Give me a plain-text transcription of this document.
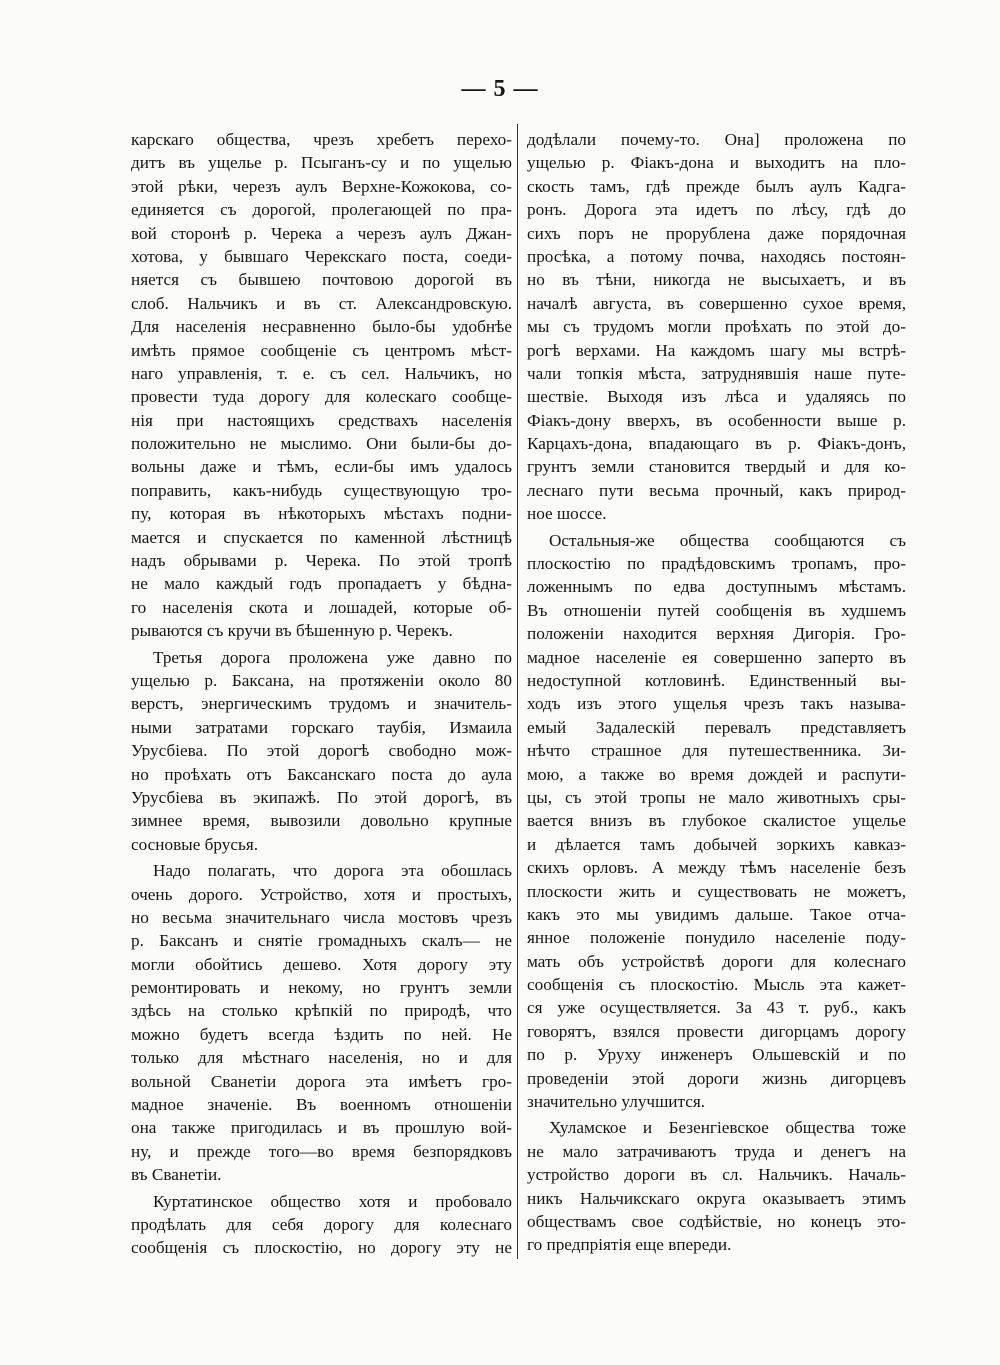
— 5 —
карскаго общества, чрезъ хребетъ перехо-
дитъ въ ущелье р. Псыганъ-су и по ущелью
этой рѣки, черезъ аулъ Верхне-Кожокова, со-
единяется съ дорогой, пролегающей по пра-
вой сторонѣ р. Черека а черезъ аулъ Джан-
хотова, у бывшаго Черекскаго поста, соеди-
няется съ бывшею почтовою дорогой въ
слоб. Нальчикъ и въ ст. Александровскую.
Для населенія несравненно было-бы удобнѣе
имѣть прямое сообщеніе съ центромъ мѣст-
наго управленія, т. е. съ сел. Нальчикъ, но
провести туда дорогу для колескаго сообще-
нія при настоящихъ средствахъ населенія
положительно не мыслимо. Они были-бы до-
вольны даже и тѣмъ, если-бы имъ удалось
поправить, какъ-нибудь существующую тро-
пу, которая въ нѣкоторыхъ мѣстахъ подни-
мается и спускается по каменной лѣстницѣ
надъ обрывами р. Черека. По этой тропѣ
не мало каждый годъ пропадаетъ у бѣдна-
го населенія скота и лошадей, которые об-
рываются съ кручи въ бѣшенную р. Черекъ.
Третья дорога проложена уже давно по
ущелью р. Баксана, на протяженіи около 80
верстъ, энергическимъ трудомъ и значитель-
ными затратами горскаго таубія, Измаила
Урусбіева. По этой дорогѣ свободно мож-
но проѣхать отъ Баксанскаго поста до аула
Урусбіева въ экипажѣ. По этой дорогѣ, въ
зимнее время, вывозили довольно крупные
сосновые брусья.
Надо полагать, что дорога эта обошлась
очень дорого. Устройство, хотя и простыхъ,
но весьма значительнаго числа мостовъ чрезъ
р. Баксанъ и снятіе громадныхъ скалъ— не
могли обойтись дешево. Хотя дорогу эту
ремонтировать и некому, но грунтъ земли
здѣсь на столько крѣпкій по природѣ, что
можно будетъ всегда ѣздить по ней. Не
только для мѣстнаго населенія, но и для
вольной Сванетіи дорога эта имѣетъ гро-
мадное значеніе. Въ военномъ отношеніи
она также пригодилась и въ прошлую вой-
ну, и прежде того—во время безпорядковъ
въ Сванетіи.
Куртатинское общество хотя и пробовало
продѣлать для себя дорогу для колеснаго
сообщенія съ плоскостію, но дорогу эту не
додѣлали почему-то. Она] проложена по
ущелью р. Фіакъ-дона и выходитъ на пло-
скость тамъ, гдѣ прежде былъ аулъ Кадга-
ронъ. Дорога эта идетъ по лѣсу, гдѣ до
сихъ поръ не прорублена даже порядочная
просѣка, а потому почва, находясь постоян-
но въ тѣни, никогда не высыхаетъ, и въ
началѣ августа, въ совершенно сухое время,
мы съ трудомъ могли проѣхать по этой до-
рогѣ верхами. На каждомъ шагу мы встрѣ-
чали топкія мѣста, затруднявшія наше путе-
шествіе. Выходя изъ лѣса и удаляясь по
Фіакъ-дону вверхъ, въ особенности выше р.
Карцахъ-дона, впадающаго въ р. Фіакъ-донъ,
грунтъ земли становится твердый и для ко-
леснаго пути весьма прочный, какъ природ-
ное шоссе.
Остальныя-же общества сообщаются съ
плоскостію по прадѣдовскимъ тропамъ, про-
ложеннымъ по едва доступнымъ мѣстамъ.
Въ отношеніи путей сообщенія въ худшемъ
положеніи находится верхняя Дигорія. Гро-
мадное населеніе ея совершенно заперто въ
недоступной котловинѣ. Единственный вы-
ходъ изъ этого ущелья чрезъ такъ называ-
емый Задалескій перевалъ представляетъ
нѣчто страшное для путешественника. Зи-
мою, а также во время дождей и распути-
цы, съ этой тропы не мало животныхъ сры-
вается внизъ въ глубокое скалистое ущелье
и дѣлается тамъ добычей зоркихъ кавказ-
скихъ орловъ. А между тѣмъ населеніе безъ
плоскости жить и существовать не можетъ,
какъ это мы увидимъ дальше. Такое отча-
янное положеніе понудило населеніе поду-
мать объ устройствѣ дороги для колеснаго
сообщенія съ плоскостію. Мысль эта кажет-
ся уже осуществляется. За 43 т. руб., какъ
говорятъ, взялся провести дигорцамъ дорогу
по р. Уруху инженеръ Ольшевскій и по
проведеніи этой дороги жизнь дигорцевъ
значительно улучшится.
Хуламское и Безенгіевское общества тоже
не мало затрачиваютъ труда и денегъ на
устройство дороги въ сл. Нальчикъ. Началь-
никъ Нальчикскаго округа оказываетъ этимъ
обществамъ свое содѣйствіе, но конецъ это-
го предпріятія еще впереди.
